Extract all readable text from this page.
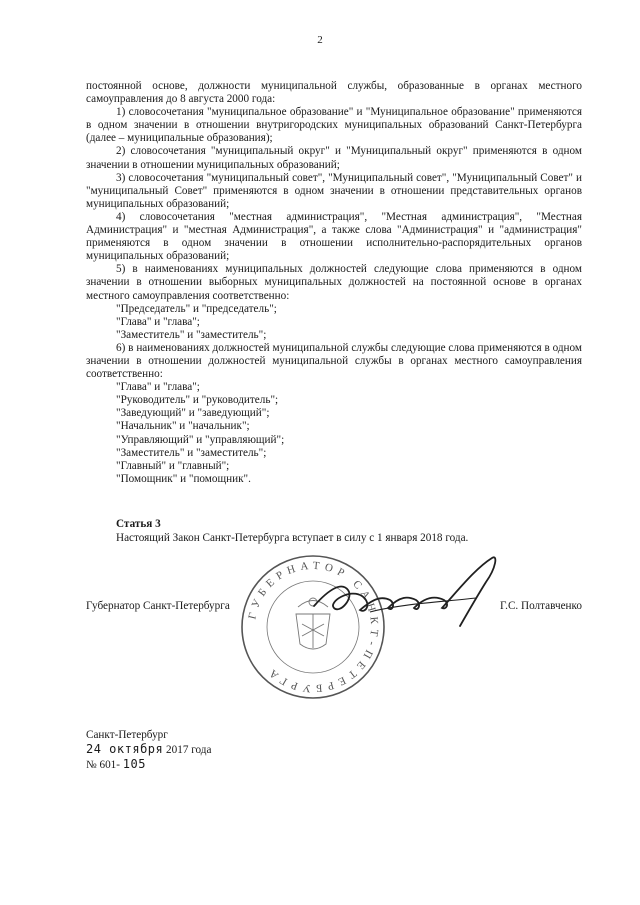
2

постоянной основе, должности муниципальной службы, образованные в органах местного самоуправления до 8 августа 2000 года:

1) словосочетания "муниципальное образование" и "Муниципальное образование" применяются в одном значении в отношении внутригородских муниципальных образований Санкт-Петербурга (далее – муниципальные образования);

2) словосочетания "муниципальный округ" и "Муниципальный округ" применяются в одном значении в отношении муниципальных образований;

3) словосочетания "муниципальный совет", "Муниципальный совет", "Муниципальный Совет" и "муниципальный Совет" применяются в одном значении в отношении представительных органов муниципальных образований;

4) словосочетания "местная администрация", "Местная администрация", "Местная Администрация" и "местная Администрация", а также слова "Администрация" и "администрация" применяются в одном значении в отношении исполнительно-распорядительных органов муниципальных образований;

5) в наименованиях муниципальных должностей следующие слова применяются в одном значении в отношении выборных муниципальных должностей на постоянной основе в органах местного самоуправления соответственно:

"Председатель" и "председатель";

"Глава" и "глава";

"Заместитель" и "заместитель";

6) в наименованиях должностей муниципальной службы следующие слова применяются в одном значении в отношении должностей муниципальной службы в органах местного самоуправления соответственно:

"Глава" и "глава";

"Руководитель" и "руководитель";

"Заведующий" и "заведующий";

"Начальник" и "начальник";

"Управляющий" и "управляющий";

"Заместитель" и "заместитель";

"Главный" и "главный";

"Помощник" и "помощник".

Статья 3

Настоящий Закон Санкт-Петербурга вступает в силу с 1 января 2018 года.

ГУБЕРНАТОР САНКТ-ПЕТЕРБУРГА
Губернатор Санкт-Петербурга	Г.С. Полтавченко
Санкт-Петербург
24 октября 2017 года
№ 601- 105
